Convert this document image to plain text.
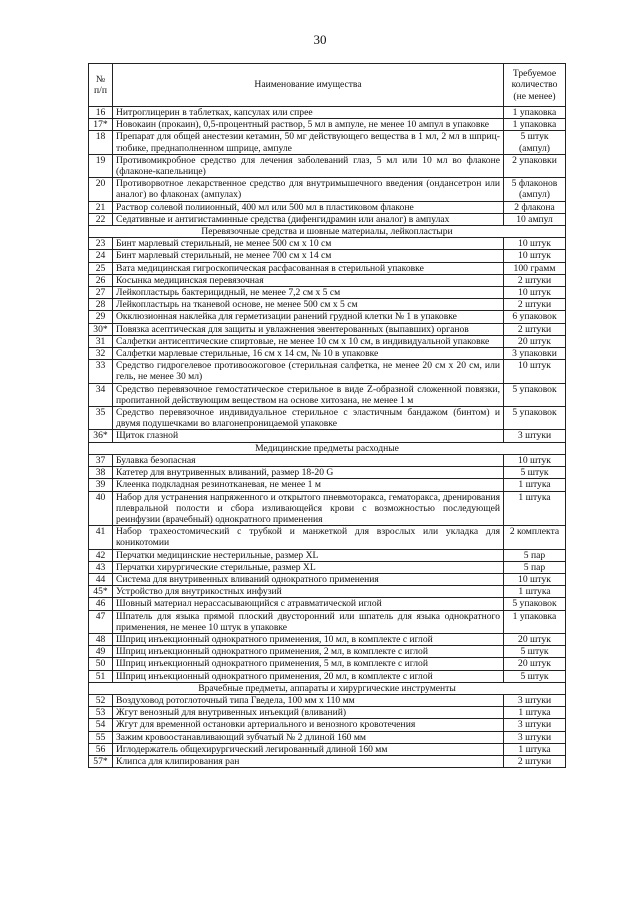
30
№ п/п	Наименование имущества	Требуемое количество (не менее)
16	Нитроглицерин в таблетках, капсулах или спрее	1 упаковка
17*	Новокаин (прокаин), 0,5-процентный раствор, 5 мл в ампуле, не менее 10 ампул в упаковке	1 упаковка
18	Препарат для общей анестезии кетамин, 50 мг действующего вещества в 1 мл, 2 мл в шприц-тюбике, преднаполненном шприце, ампуле	5 штук (ампул)
19	Противомикробное средство для лечения заболеваний глаз, 5 мл или 10 мл во флаконе (флаконе-капельнице)	2 упаковки
20	Противорвотное лекарственное средство для внутримышечного введения (ондансетрон или аналог) во флаконах (ампулах)	5 флаконов (ампул)
21	Раствор солевой полиионный, 400 мл или 500 мл в пластиковом флаконе	2 флакона
22	Седативные и антигистаминные средства (дифенгидрамин или аналог) в ампулах	10 ампул
Перевязочные средства и шовные материалы, лейкопластыри		
23	Бинт марлевый стерильный, не менее 500 см х 10 см	10 штук
24	Бинт марлевый стерильный, не менее 700 см х 14 см	10 штук
25	Вата медицинская гигроскопическая расфасованная в стерильной упаковке	100 грамм
26	Косынка медицинская перевязочная	2 штуки
27	Лейкопластырь бактерицидный, не менее 7,2 см х 5 см	10 штук
28	Лейкопластырь на тканевой основе, не менее 500 см х 5 см	2 штуки
29	Окклюзионная наклейка для герметизации ранений грудной клетки № 1 в упаковке	6 упаковок
30*	Повязка асептическая для защиты и увлажнения эвентерованных (выпавших) органов	2 штуки
31	Салфетки антисептические спиртовые, не менее 10 см х 10 см, в индивидуальной упаковке	20 штук
32	Салфетки марлевые стерильные, 16 см х 14 см, № 10 в упаковке	3 упаковки
33	Средство гидрогелевое противоожоговое (стерильная салфетка, не менее 20 см х 20 см, или гель, не менее 30 мл)	10 штук
34	Средство перевязочное гемостатическое стерильное в виде Z-образной сложенной повязки, пропитанной действующим веществом на основе хитозана, не менее 1 м	5 упаковок
35	Средство перевязочное индивидуальное стерильное с эластичным бандажом (бинтом) и двумя подушечками во влагонепроницаемой упаковке	5 упаковок
36*	Щиток глазной	3 штуки
Медицинские предметы расходные		
37	Булавка безопасная	10 штук
38	Катетер для внутривенных вливаний, размер 18-20 G	5 штук
39	Клеенка подкладная резинотканевая, не менее 1 м	1 штука
40	Набор для устранения напряженного и открытого пневмоторакса, гематоракса, дренирования плевральной полости и сбора изливающейся крови с возможностью последующей реинфузии (врачебный) однократного применения	1 штука
41	Набор трахеостомический с трубкой и манжеткой для взрослых или укладка для коникотомии	2 комплекта
42	Перчатки медицинские нестерильные, размер XL	5 пар
43	Перчатки хирургические стерильные, размер XL	5 пар
44	Система для внутривенных вливаний однократного применения	10 штук
45*	Устройство для внутрикостных инфузий	1 штука
46	Шовный материал нерассасывающийся с атравматической иглой	5 упаковок
47	Шпатель для языка прямой плоский двусторонний или шпатель для языка однократного применения, не менее 10 штук в упаковке	1 упаковка
48	Шприц инъекционный однократного применения, 10 мл, в комплекте с иглой	20 штук
49	Шприц инъекционный однократного применения, 2 мл, в комплекте с иглой	5 штук
50	Шприц инъекционный однократного применения, 5 мл, в комплекте с иглой	20 штук
51	Шприц инъекционный однократного применения, 20 мл, в комплекте с иглой	5 штук
Врачебные предметы, аппараты и хирургические инструменты		
52	Воздуховод ротоглоточный типа Гведела, 100 мм х 110 мм	3 штуки
53	Жгут венозный для внутривенных инъекций (вливаний)	1 штука
54	Жгут для временной остановки артериального и венозного кровотечения	3 штуки
55	Зажим кровоостанавливающий зубчатый № 2 длиной 160 мм	3 штуки
56	Иглодержатель общехирургический легированный длиной 160 мм	1 штука
57*	Клипса для клипирования ран	2 штуки
